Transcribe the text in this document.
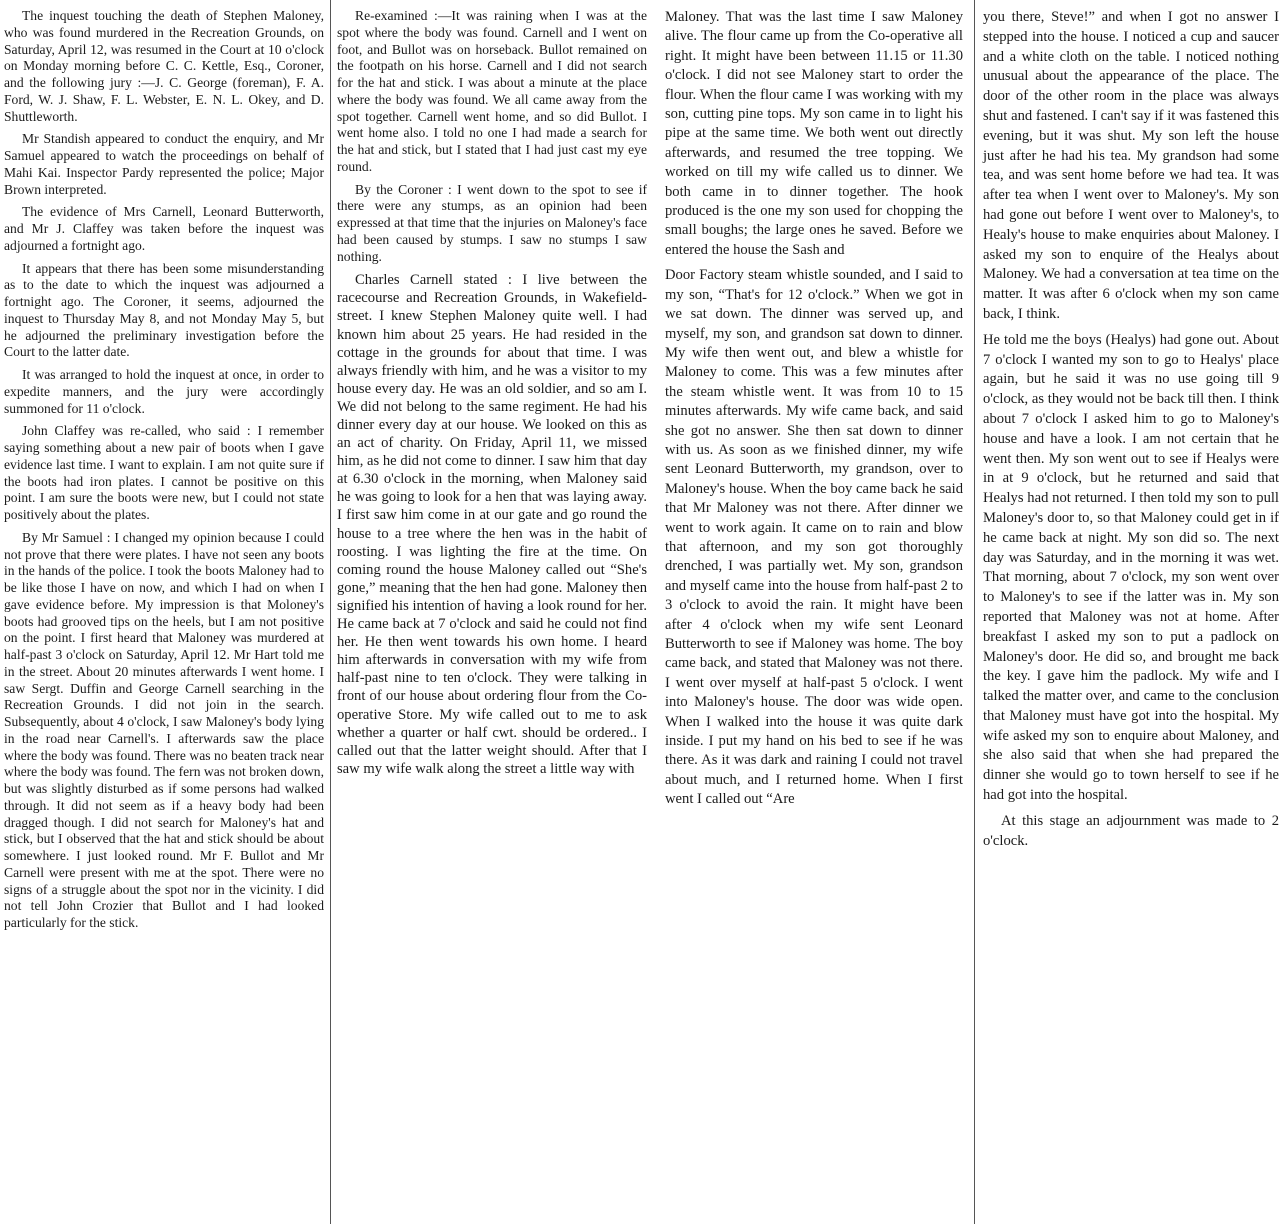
The inquest touching the death of Stephen Maloney, who was found murdered in the Recreation Grounds, on Saturday, April 12, was resumed in the Court at 10 o'clock on Monday morning before C. C. Kettle, Esq., Coroner, and the following jury :—J. C. George (foreman), F. A. Ford, W. J. Shaw, F. L. Webster, E. N. L. Okey, and D. Shuttleworth.

Mr Standish appeared to conduct the enquiry, and Mr Samuel appeared to watch the proceedings on behalf of Mahi Kai. Inspector Pardy represented the police; Major Brown interpreted.

The evidence of Mrs Carnell, Leonard Butterworth, and Mr J. Claffey was taken before the inquest was adjourned a fortnight ago.

It appears that there has been some misunderstanding as to the date to which the inquest was adjourned a fortnight ago. The Coroner, it seems, adjourned the inquest to Thursday May 8, and not Monday May 5, but he adjourned the preliminary investigation before the Court to the latter date.

It was arranged to hold the inquest at once, in order to expedite manners, and the jury were accordingly summoned for 11 o'clock.

John Claffey was re-called, who said : I remember saying something about a new pair of boots when I gave evidence last time. I want to explain. I am not quite sure if the boots had iron plates. I cannot be positive on this point. I am sure the boots were new, but I could not state positively about the plates.

By Mr Samuel : I changed my opinion because I could not prove that there were plates. I have not seen any boots in the hands of the police. I took the boots Maloney had to be like those I have on now, and which I had on when I gave evidence before. My impression is that Moloney's boots had grooved tips on the heels, but I am not positive on the point. I first heard that Maloney was murdered at half-past 3 o'clock on Saturday, April 12. Mr Hart told me in the street. About 20 minutes afterwards I went home. I saw Sergt. Duffin and George Carnell searching in the Recreation Grounds. I did not join in the search. Subsequently, about 4 o'clock, I saw Maloney's body lying in the road near Carnell's. I afterwards saw the place where the body was found. There was no beaten track near where the body was found. The fern was not broken down, but was slightly disturbed as if some persons had walked through. It did not seem as if a heavy body had been dragged though. I did not search for Maloney's hat and stick, but I observed that the hat and stick should be about somewhere. I just looked round. Mr F. Bullot and Mr Carnell were present with me at the spot. There were no signs of a struggle about the spot nor in the vicinity. I did not tell John Crozier that Bullot and I had looked particularly for the stick.

Re-examined :—It was raining when I was at the spot where the body was found. Carnell and I went on foot, and Bullot was on horseback. Bullot remained on the footpath on his horse. Carnell and I did not search for the hat and stick. I was about a minute at the place where the body was found. We all came away from the spot together. Carnell went home, and so did Bullot. I went home also. I told no one I had made a search for the hat and stick, but I stated that I had just cast my eye round.

By the Coroner : I went down to the spot to see if there were any stumps, as an opinion had been expressed at that time that the injuries on Maloney's face had been caused by stumps. I saw no stumps I saw nothing.

Charles Carnell stated : I live between the racecourse and Recreation Grounds, in Wakefield-street. I knew Stephen Maloney quite well. I had known him about 25 years. He had resided in the cottage in the grounds for about that time. I was always friendly with him, and he was a visitor to my house every day. He was an old soldier, and so am I. We did not belong to the same regiment. He had his dinner every day at our house. We looked on this as an act of charity. On Friday, April 11, we missed him, as he did not come to dinner. I saw him that day at 6.30 o'clock in the morning, when Maloney said he was going to look for a hen that was laying away. I first saw him come in at our gate and go round the house to a tree where the hen was in the habit of roosting. I was lighting the fire at the time. On coming round the house Maloney called out “She's gone,” meaning that the hen had gone. Maloney then signified his intention of having a look round for her. He came back at 7 o'clock and said he could not find her. He then went towards his own home. I heard him afterwards in conversation with my wife from half-past nine to ten o'clock. They were talking in front of our house about ordering flour from the Co-operative Store. My wife called out to me to ask whether a quarter or half cwt. should be ordered.. I called out that the latter weight should. After that I saw my wife walk along the street a little way with

Maloney. That was the last time I saw Maloney alive. The flour came up from the Co-operative all right. It might have been between 11.15 or 11.30 o'clock. I did not see Maloney start to order the flour. When the flour came I was working with my son, cutting pine tops. My son came in to light his pipe at the same time. We both went out directly afterwards, and resumed the tree topping. We worked on till my wife called us to dinner. We both came in to dinner together. The hook produced is the one my son used for chopping the small boughs; the large ones he saved. Before we entered the house the Sash and

Door Factory steam whistle sounded, and I said to my son, “That's for 12 o'clock.” When we got in we sat down. The dinner was served up, and myself, my son, and grandson sat down to dinner. My wife then went out, and blew a whistle for Maloney to come. This was a few minutes after the steam whistle went. It was from 10 to 15 minutes afterwards. My wife came back, and said she got no answer. She then sat down to dinner with us. As soon as we finished dinner, my wife sent Leonard Butterworth, my grandson, over to Maloney's house. When the boy came back he said that Mr Maloney was not there. After dinner we went to work again. It came on to rain and blow that afternoon, and my son got thoroughly drenched, I was partially wet. My son, grandson and myself came into the house from half-past 2 to 3 o'clock to avoid the rain. It might have been after 4 o'clock when my wife sent Leonard Butterworth to see if Maloney was home. The boy came back, and stated that Maloney was not there. I went over myself at half-past 5 o'clock. I went into Maloney's house. The door was wide open. When I walked into the house it was quite dark inside. I put my hand on his bed to see if he was there. As it was dark and raining I could not travel about much, and I returned home. When I first went I called out “Are

you there, Steve!” and when I got no answer I stepped into the house. I noticed a cup and saucer and a white cloth on the table. I noticed nothing unusual about the appearance of the place. The door of the other room in the place was always shut and fastened. I can't say if it was fastened this evening, but it was shut. My son left the house just after he had his tea. My grandson had some tea, and was sent home before we had tea. It was after tea when I went over to Maloney's. My son had gone out before I went over to Maloney's, to Healy's house to make enquiries about Maloney. I asked my son to enquire of the Healys about Maloney. We had a conversation at tea time on the matter. It was after 6 o'clock when my son came back, I think.

He told me the boys (Healys) had gone out. About 7 o'clock I wanted my son to go to Healys' place again, but he said it was no use going till 9 o'clock, as they would not be back till then. I think about 7 o'clock I asked him to go to Maloney's house and have a look. I am not certain that he went then. My son went out to see if Healys were in at 9 o'clock, but he returned and said that Healys had not returned. I then told my son to pull Maloney's door to, so that Maloney could get in if he came back at night. My son did so. The next day was Saturday, and in the morning it was wet. That morning, about 7 o'clock, my son went over to Maloney's to see if the latter was in. My son reported that Maloney was not at home. After breakfast I asked my son to put a padlock on Maloney's door. He did so, and brought me back the key. I gave him the padlock. My wife and I talked the matter over, and came to the conclusion that Maloney must have got into the hospital. My wife asked my son to enquire about Maloney, and she also said that when she had prepared the dinner she would go to town herself to see if he had got into the hospital.

At this stage an adjournment was made to 2 o'clock.
